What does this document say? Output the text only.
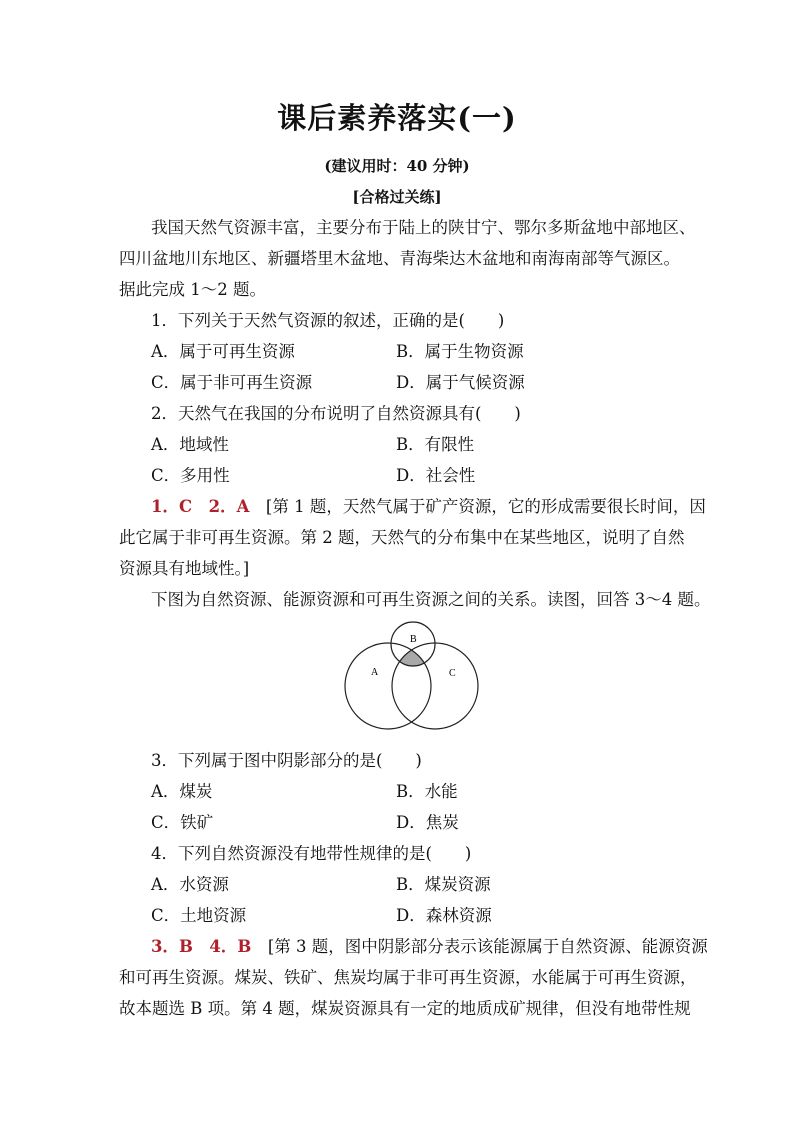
课后素养落实(一)
(建议用时：40 分钟)
[合格过关练]
我国天然气资源丰富，主要分布于陆上的陕甘宁、鄂尔多斯盆地中部地区、
四川盆地川东地区、新疆塔里木盆地、青海柴达木盆地和南海南部等气源区。
据此完成 1～2 题。
1．下列关于天然气资源的叙述，正确的是(　　)
A．属于可再生资源	B．属于生物资源
C．属于非可再生资源	D．属于气候资源
2．天然气在我国的分布说明了自然资源具有(　　)
A．地域性	B．有限性
C．多用性	D．社会性
1．C　2．A　[第 1 题，天然气属于矿产资源，它的形成需要很长时间，因
此它属于非可再生资源。第 2 题，天然气的分布集中在某些地区，说明了自然
资源具有地域性。]
下图为自然资源、能源资源和可再生资源之间的关系。读图，回答 3～4 题。
A
B
C
3．下列属于图中阴影部分的是(　　)
A．煤炭	B．水能
C．铁矿	D．焦炭
4．下列自然资源没有地带性规律的是(　　)
A．水资源	B．煤炭资源
C．土地资源	D．森林资源
3．B　4．B　[第 3 题，图中阴影部分表示该能源属于自然资源、能源资源
和可再生资源。煤炭、铁矿、焦炭均属于非可再生资源，水能属于可再生资源，
故本题选 B 项。第 4 题，煤炭资源具有一定的地质成矿规律，但没有地带性规
